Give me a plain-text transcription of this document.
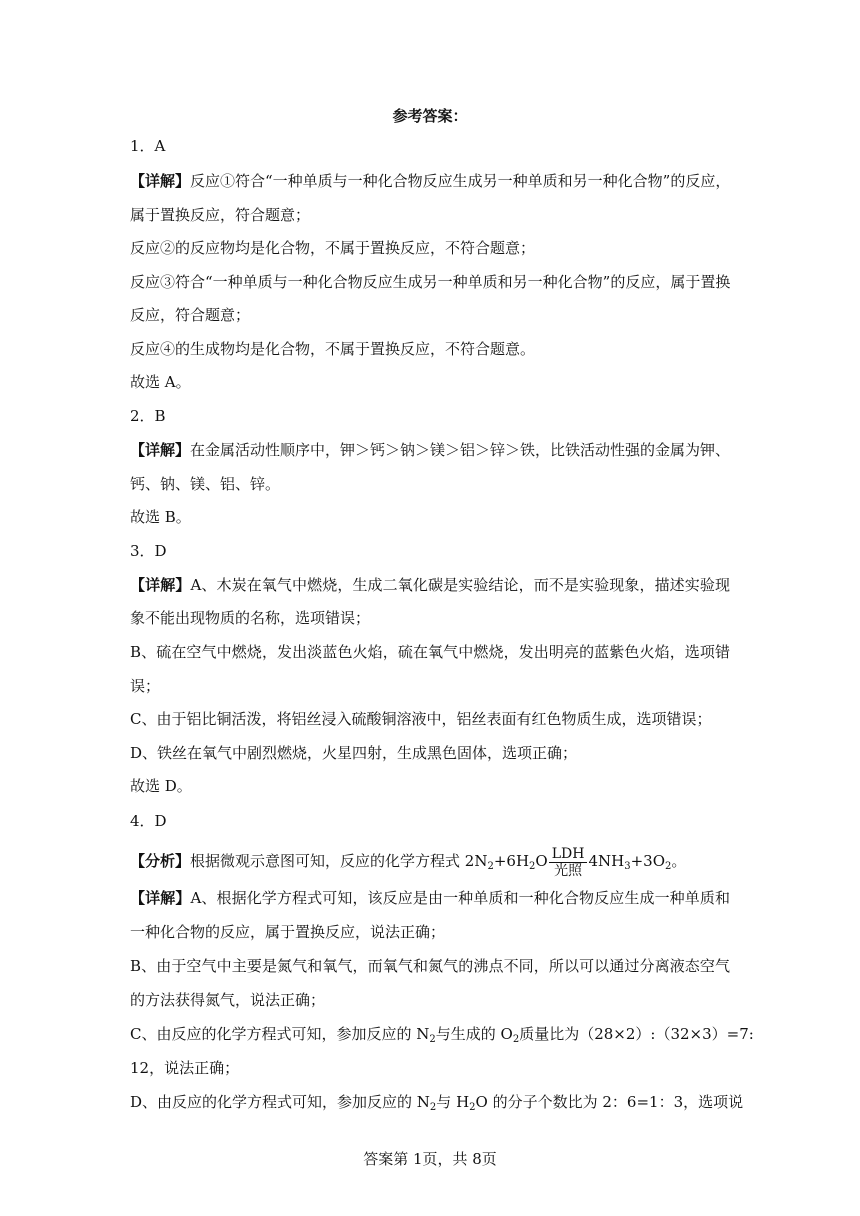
参考答案：
1．A
【详解】反应①符合“一种单质与一种化合物反应生成另一种单质和另一种化合物”的反应，
属于置换反应，符合题意；
反应②的反应物均是化合物，不属于置换反应，不符合题意；
反应③符合“一种单质与一种化合物反应生成另一种单质和另一种化合物”的反应，属于置换
反应，符合题意；
反应④的生成物均是化合物，不属于置换反应，不符合题意。
故选 A。
2．B
【详解】在金属活动性顺序中，钾＞钙＞钠＞镁＞铝＞锌＞铁，比铁活动性强的金属为钾、
钙、钠、镁、铝、锌。
故选 B。
3．D
【详解】A、木炭在氧气中燃烧，生成二氧化碳是实验结论，而不是实验现象，描述实验现
象不能出现物质的名称，选项错误；
B、硫在空气中燃烧，发出淡蓝色火焰，硫在氧气中燃烧，发出明亮的蓝紫色火焰，选项错
误；
C、由于铝比铜活泼，将铝丝浸入硫酸铜溶液中，铝丝表面有红色物质生成，选项错误；
D、铁丝在氧气中剧烈燃烧，火星四射，生成黑色固体，选项正确；
故选 D。
4．D
【分析】根据微观示意图可知，反应的化学方程式 $2N_2+6H_2O$ LDH
光照
$4NH_3+3O_2$。
【详解】A、根据化学方程式可知，该反应是由一种单质和一种化合物反应生成一种单质和
一种化合物的反应，属于置换反应，说法正确；
B、由于空气中主要是氮气和氧气，而氧气和氮气的沸点不同，所以可以通过分离液态空气
的方法获得氮气，说法正确；
C、由反应的化学方程式可知，参加反应的 $N_2$与生成的 $O_2$质量比为（28×2）:（32×3）=7:
12，说法正确；
D、由反应的化学方程式可知，参加反应的 $N_2$与 $H_2O$ 的分子个数比为 2：6=1：3，选项说
答案第 1页，共 8页
